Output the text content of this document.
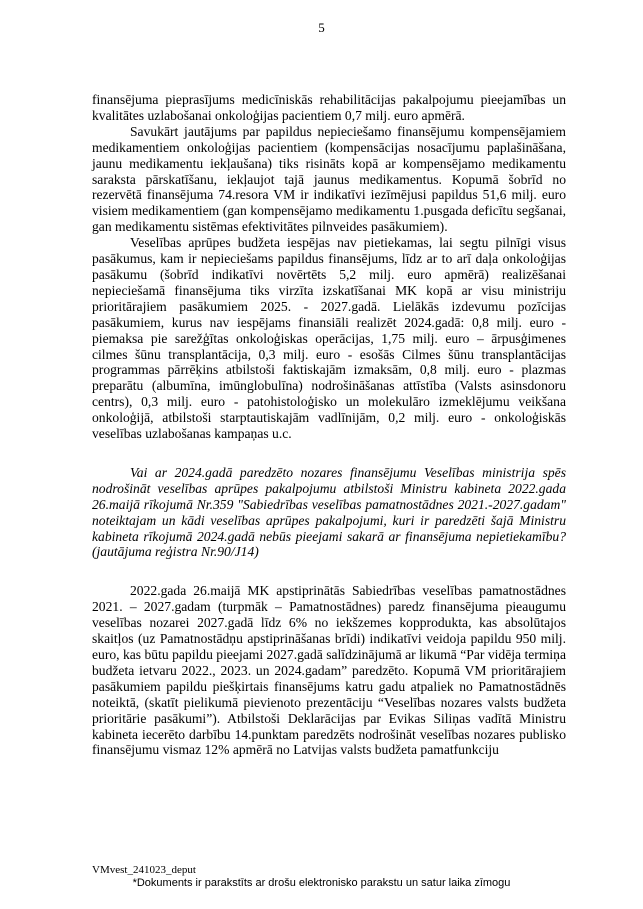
5

finansējuma pieprasījums medicīniskās rehabilitācijas pakalpojumu pieejamības un kvalitātes uzlabošanai onkoloģijas pacientiem 0,7 milj. euro apmērā.

Savukārt jautājums par papildus nepieciešamo finansējumu kompensējamiem medikamentiem onkoloģijas pacientiem (kompensācijas nosacījumu paplašināšana, jaunu medikamentu iekļaušana) tiks risināts kopā ar kompensējamo medikamentu saraksta pārskatīšanu, iekļaujot tajā jaunus medikamentus. Kopumā šobrīd no rezervētā finansējuma 74.resora VM ir indikatīvi iezīmējusi papildus 51,6 milj. euro visiem medikamentiem (gan kompensējamo medikamentu 1.pusgada deficītu segšanai, gan medikamentu sistēmas efektivitātes pilnveides pasākumiem).

Veselības aprūpes budžeta iespējas nav pietiekamas, lai segtu pilnīgi visus pasākumus, kam ir nepieciešams papildus finansējums, līdz ar to arī daļa onkoloģijas pasākumu (šobrīd indikatīvi novērtēts 5,2 milj. euro apmērā) realizēšanai nepieciešamā finansējuma tiks virzīta izskatīšanai MK kopā ar visu ministriju prioritārajiem pasākumiem 2025. - 2027.gadā. Lielākās izdevumu pozīcijas pasākumiem, kurus nav iespējams finansiāli realizēt 2024.gadā: 0,8 milj. euro - piemaksa pie sarežģītas onkoloģiskas operācijas, 1,75 milj. euro – ārpusģimenes cilmes šūnu transplantācija, 0,3 milj. euro - esošās Cilmes šūnu transplantācijas programmas pārrēķins atbilstoši faktiskajām izmaksām, 0,8 milj. euro - plazmas preparātu (albumīna, imūnglobulīna) nodrošināšanas attīstība (Valsts asinsdonoru centrs), 0,3 milj. euro - patohistoloģisko un molekulāro izmeklējumu veikšana onkoloģijā, atbilstoši starptautiskajām vadlīnijām, 0,2 milj. euro - onkoloģiskās veselības uzlabošanas kampaņas u.c.

Vai ar 2024.gadā paredzēto nozares finansējumu Veselības ministrija spēs nodrošināt veselības aprūpes pakalpojumu atbilstoši Ministru kabineta 2022.gada 26.maijā rīkojumā Nr.359 "Sabiedrības veselības pamatnostādnes 2021.-2027.gadam" noteiktajam un kādi veselības aprūpes pakalpojumi, kuri ir paredzēti šajā Ministru kabineta rīkojumā 2024.gadā nebūs pieejami sakarā ar finansējuma nepietiekamību? (jautājuma reģistra Nr.90/J14)

2022.gada 26.maijā MK apstiprinātās Sabiedrības veselības pamatnostādnes 2021. – 2027.gadam (turpmāk – Pamatnostādnes) paredz finansējuma pieaugumu veselības nozarei 2027.gadā līdz 6% no iekšzemes kopprodukta, kas absolūtajos skaitļos (uz Pamatnostādņu apstiprināšanas brīdi) indikatīvi veidoja papildu 950 milj. euro, kas būtu papildu pieejami 2027.gadā salīdzinājumā ar likumā “Par vidēja termiņa budžeta ietvaru 2022., 2023. un 2024.gadam” paredzēto. Kopumā VM prioritārajiem pasākumiem papildu piešķirtais finansējums katru gadu atpaliek no Pamatnostādnēs noteiktā, (skatīt pielikumā pievienoto prezentāciju “Veselības nozares valsts budžeta prioritārie pasākumi”). Atbilstoši Deklarācijas par Evikas Siliņas vadītā Ministru kabineta iecerēto darbību 14.punktam paredzēts nodrošināt veselības nozares publisko finansējumu vismaz 12% apmērā no Latvijas valsts budžeta pamatfunkciju

VMvest_241023_deput
*Dokuments ir parakstīts ar drošu elektronisko parakstu un satur laika zīmogu
